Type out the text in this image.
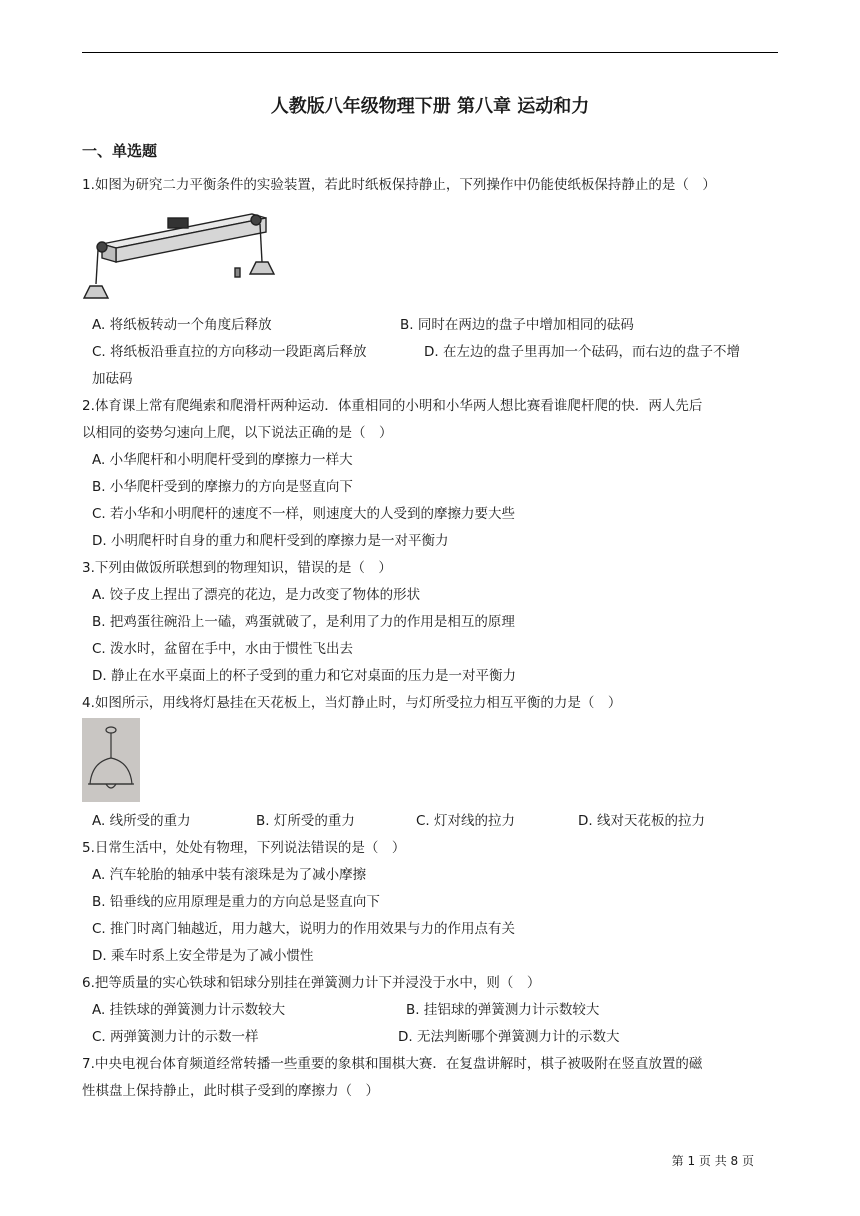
人教版八年级物理下册 第八章 运动和力
一、单选题
1.如图为研究二力平衡条件的实验装置，若此时纸板保持静止，下列操作中仍能使纸板保持静止的是（　）
A. 将纸板转动一个角度后释放	B. 同时在两边的盘子中增加相同的砝码
C. 将纸板沿垂直拉的方向移动一段距离后释放	D. 在左边的盘子里再加一个砝码，而右边的盘子不增
加砝码
2.体育课上常有爬绳索和爬滑杆两种运动．体重相同的小明和小华两人想比赛看谁爬杆爬的快．两人先后
以相同的姿势匀速向上爬，以下说法正确的是（　）
A. 小华爬杆和小明爬杆受到的摩擦力一样大
B. 小华爬杆受到的摩擦力的方向是竖直向下
C. 若小华和小明爬杆的速度不一样，则速度大的人受到的摩擦力要大些
D. 小明爬杆时自身的重力和爬杆受到的摩擦力是一对平衡力
3.下列由做饭所联想到的物理知识，错误的是（　）
A. 饺子皮上捏出了漂亮的花边，是力改变了物体的形状
B. 把鸡蛋往碗沿上一磕，鸡蛋就破了，是利用了力的作用是相互的原理
C. 泼水时，盆留在手中，水由于惯性飞出去
D. 静止在水平桌面上的杯子受到的重力和它对桌面的压力是一对平衡力
4.如图所示，用线将灯悬挂在天花板上，当灯静止时，与灯所受拉力相互平衡的力是（　）
A. 线所受的重力	B. 灯所受的重力	C. 灯对线的拉力	D. 线对天花板的拉力
5.日常生活中，处处有物理，下列说法错误的是（　）
A. 汽车轮胎的轴承中装有滚珠是为了减小摩擦
B. 铅垂线的应用原理是重力的方向总是竖直向下
C. 推门时离门轴越近，用力越大，说明力的作用效果与力的作用点有关
D. 乘车时系上安全带是为了减小惯性
6.把等质量的实心铁球和铝球分别挂在弹簧测力计下并浸没于水中，则（　）
A. 挂铁球的弹簧测力计示数较大	B. 挂铝球的弹簧测力计示数较大
C. 两弹簧测力计的示数一样	D. 无法判断哪个弹簧测力计的示数大
7.中央电视台体育频道经常转播一些重要的象棋和围棋大赛．在复盘讲解时，棋子被吸附在竖直放置的磁
性棋盘上保持静止，此时棋子受到的摩擦力（　）
第 1 页 共 8 页
